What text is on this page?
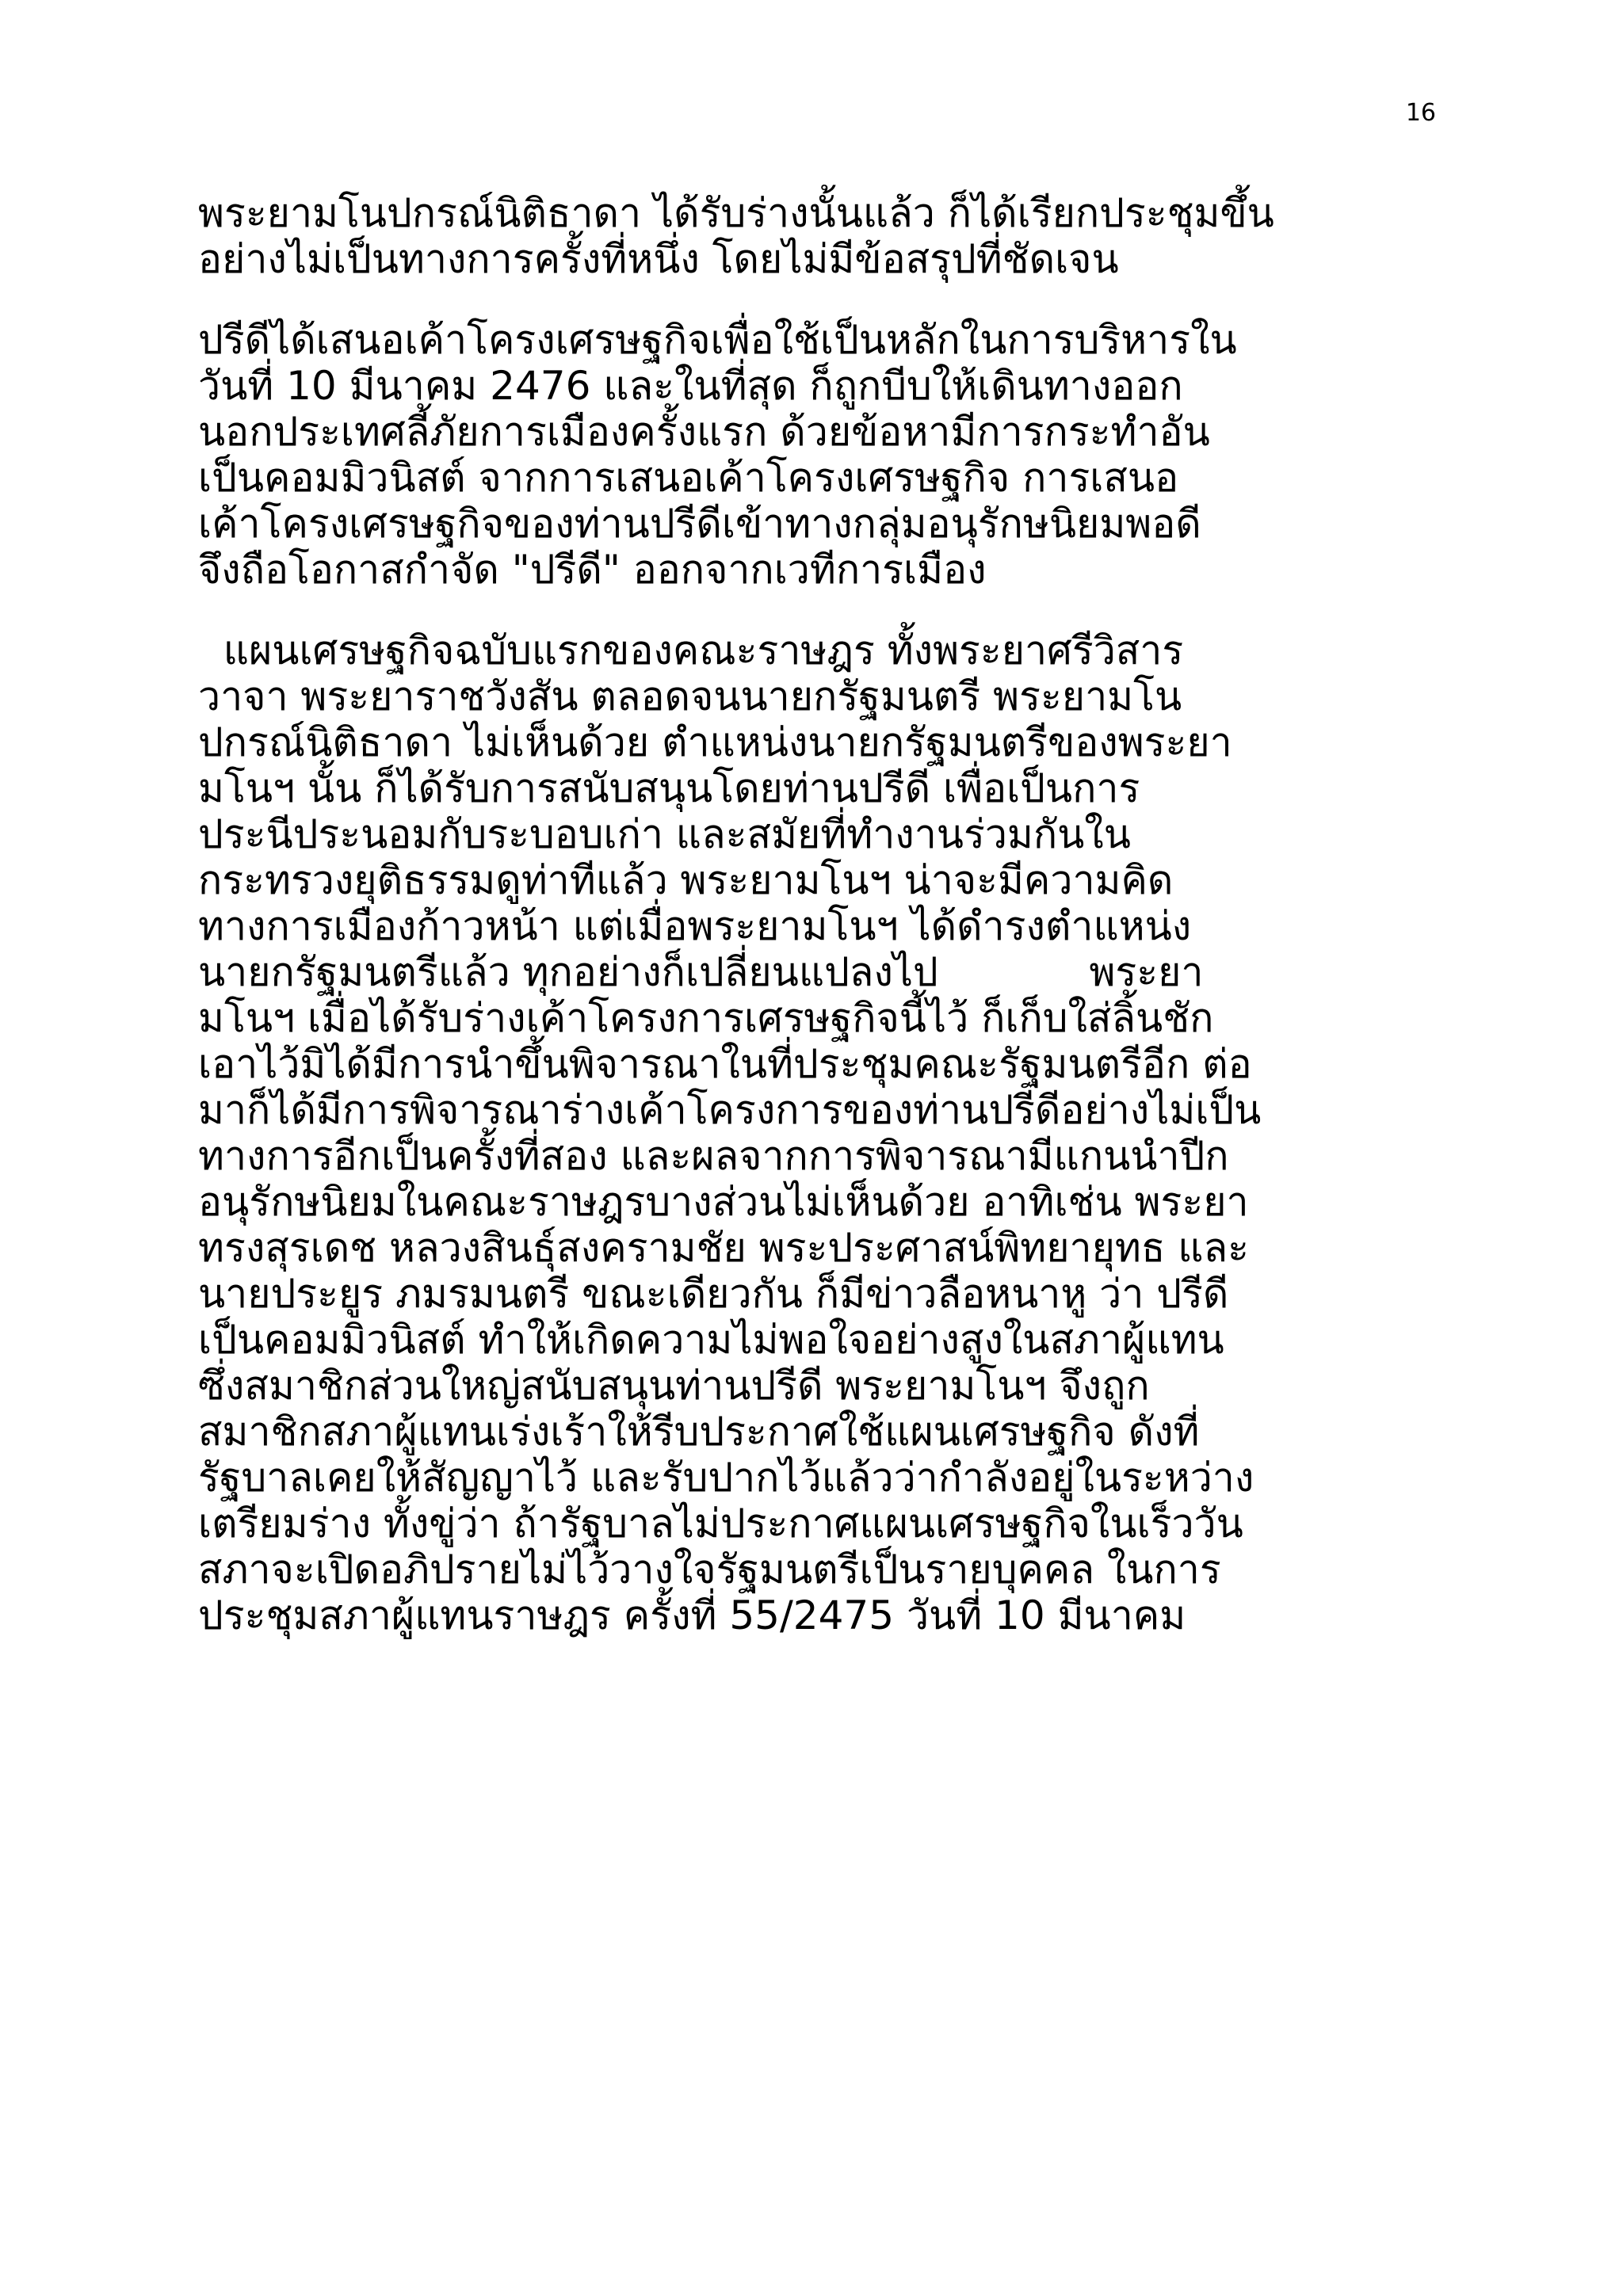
16
พระยามโนปกรณ์นิติธาดา ได้รับร่างนั้นแล้ว ก็ได้เรียกประชุมขึ้น
อย่างไม่เป็นทางการครั้งที่หนึ่ง โดยไม่มีข้อสรุปที่ชัดเจน
ปรีดีได้เสนอเค้าโครงเศรษฐกิจเพื่อใช้เป็นหลักในการบริหารใน
วันที่ 10 มีนาคม 2476 และในที่สุด ก็ถูกบีบให้เดินทางออก
นอกประเทศลี้ภัยการเมืองครั้งแรก ด้วยข้อหามีการกระทำอัน
เป็นคอมมิวนิสต์ จากการเสนอเค้าโครงเศรษฐกิจ การเสนอ
เค้าโครงเศรษฐกิจของท่านปรีดีเข้าทางกลุ่มอนุรักษนิยมพอดี
จึงถือโอกาสกำจัด "ปรีดี" ออกจากเวทีการเมือง
แผนเศรษฐกิจฉบับแรกของคณะราษฎร ทั้งพระยาศรีวิสาร
วาจา พระยาราชวังสัน ตลอดจนนายกรัฐมนตรี พระยามโน
ปกรณ์นิติธาดา ไม่เห็นด้วย ตำแหน่งนายกรัฐมนตรีของพระยา
มโนฯ นั้น ก็ได้รับการสนับสนุนโดยท่านปรีดี เพื่อเป็นการ
ประนีประนอมกับระบอบเก่า และสมัยที่ทำงานร่วมกันใน
กระทรวงยุติธรรมดูท่าทีแล้ว พระยามโนฯ น่าจะมีความคิด
ทางการเมืองก้าวหน้า แต่เมื่อพระยามโนฯ ได้ดำรงตำแหน่ง
นายกรัฐมนตรีแล้ว ทุกอย่างก็เปลี่ยนแปลงไป            พระยา
มโนฯ เมื่อได้รับร่างเค้าโครงการเศรษฐกิจนี้ไว้ ก็เก็บใส่ลิ้นชัก
เอาไว้มิได้มีการนำขึ้นพิจารณาในที่ประชุมคณะรัฐมนตรีอีก ต่อ
มาก็ได้มีการพิจารณาร่างเค้าโครงการของท่านปรีดีอย่างไม่เป็น
ทางการอีกเป็นครั้งที่สอง และผลจากการพิจารณามีแกนนำปีก
อนุรักษนิยมในคณะราษฎรบางส่วนไม่เห็นด้วย อาทิเช่น พระยา
ทรงสุรเดช หลวงสินธุ์สงครามชัย พระประศาสน์พิทยายุทธ และ
นายประยูร ภมรมนตรี ขณะเดียวกัน ก็มีข่าวลือหนาหู ว่า ปรีดี
เป็นคอมมิวนิสต์ ทำให้เกิดความไม่พอใจอย่างสูงในสภาผู้แทน
ซึ่งสมาชิกส่วนใหญ่สนับสนุนท่านปรีดี พระยามโนฯ จึงถูก
สมาชิกสภาผู้แทนเร่งเร้าให้รีบประกาศใช้แผนเศรษฐกิจ ดังที่
รัฐบาลเคยให้สัญญาไว้ และรับปากไว้แล้วว่ากำลังอยู่ในระหว่าง
เตรียมร่าง ทั้งขู่ว่า ถ้ารัฐบาลไม่ประกาศแผนเศรษฐกิจในเร็ววัน
สภาจะเปิดอภิปรายไม่ไว้วางใจรัฐมนตรีเป็นรายบุคคล ในการ
ประชุมสภาผู้แทนราษฎร ครั้งที่ 55/2475 วันที่ 10 มีนาคม
